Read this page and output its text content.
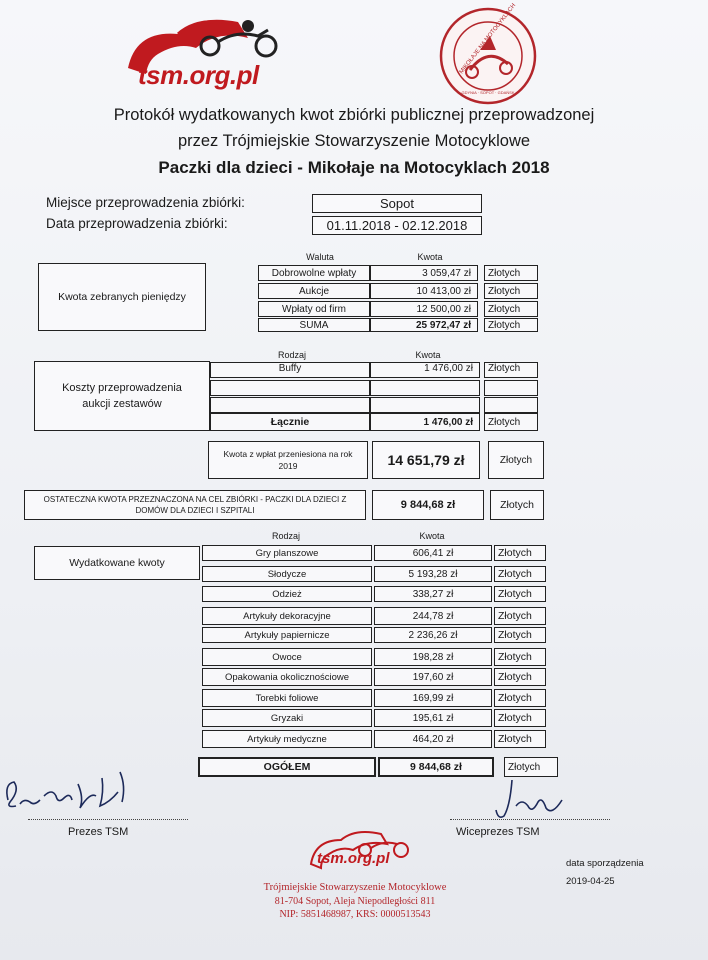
tsm.org.pl	MIKOŁAJE NA MOTOCYKLACH
GDYNIA · SOPOT · GDAŃSK
Protokół wydatkowanych kwot zbiórki publicznej przeprowadzonej
przez Trójmiejskie Stowarzyszenie Motocyklowe
Paczki dla dzieci - Mikołaje na Motocyklach 2018
Miejsce przeprowadzenia zbiórki:	Sopot
Data przeprowadzenia zbiórki:	01.11.2018 - 02.12.2018
Waluta	Kwota
Kwota zebranych pieniędzy
Dobrowolne wpłaty	3 059,47 zł	Złotych
Aukcje	10 413,00 zł	Złotych
Wpłaty od firm	12 500,00 zł	Złotych
SUMA	25 972,47 zł	Złotych
Rodzaj	Kwota
Koszty przeprowadzenia aukcji zestawów
Buffy	1 476,00 zł	Złotych
Łącznie	1 476,00 zł	Złotych
Kwota z wpłat przeniesiona na rok 2019	14 651,79 zł	Złotych
OSTATECZNA KWOTA PRZEZNACZONA NA CEL ZBIÓRKI - PACZKI DLA DZIECI Z DOMÓW DLA DZIECI I SZPITALI	9 844,68 zł	Złotych
Rodzaj	Kwota
Wydatkowane kwoty
Gry planszowe	606,41 zł	Złotych
Słodycze	5 193,28 zł	Złotych
Odzież	338,27 zł	Złotych
Artykuły dekoracyjne	244,78 zł	Złotych
Artykuły papiernicze	2 236,26 zł	Złotych
Owoce	198,28 zł	Złotych
Opakowania okolicznościowe	197,60 zł	Złotych
Torebki foliowe	169,99 zł	Złotych
Gryzaki	195,61 zł	Złotych
Artykuły medyczne	464,20 zł	Złotych
OGÓŁEM	9 844,68 zł	Złotych
Prezes TSM	Wiceprezes TSM
tsm.org.pl
Trójmiejskie Stowarzyszenie Motocyklowe
81-704 Sopot, Aleja Niepodległości 811
NIP: 5851468987, KRS: 0000513543
data sporządzenia
2019-04-25
